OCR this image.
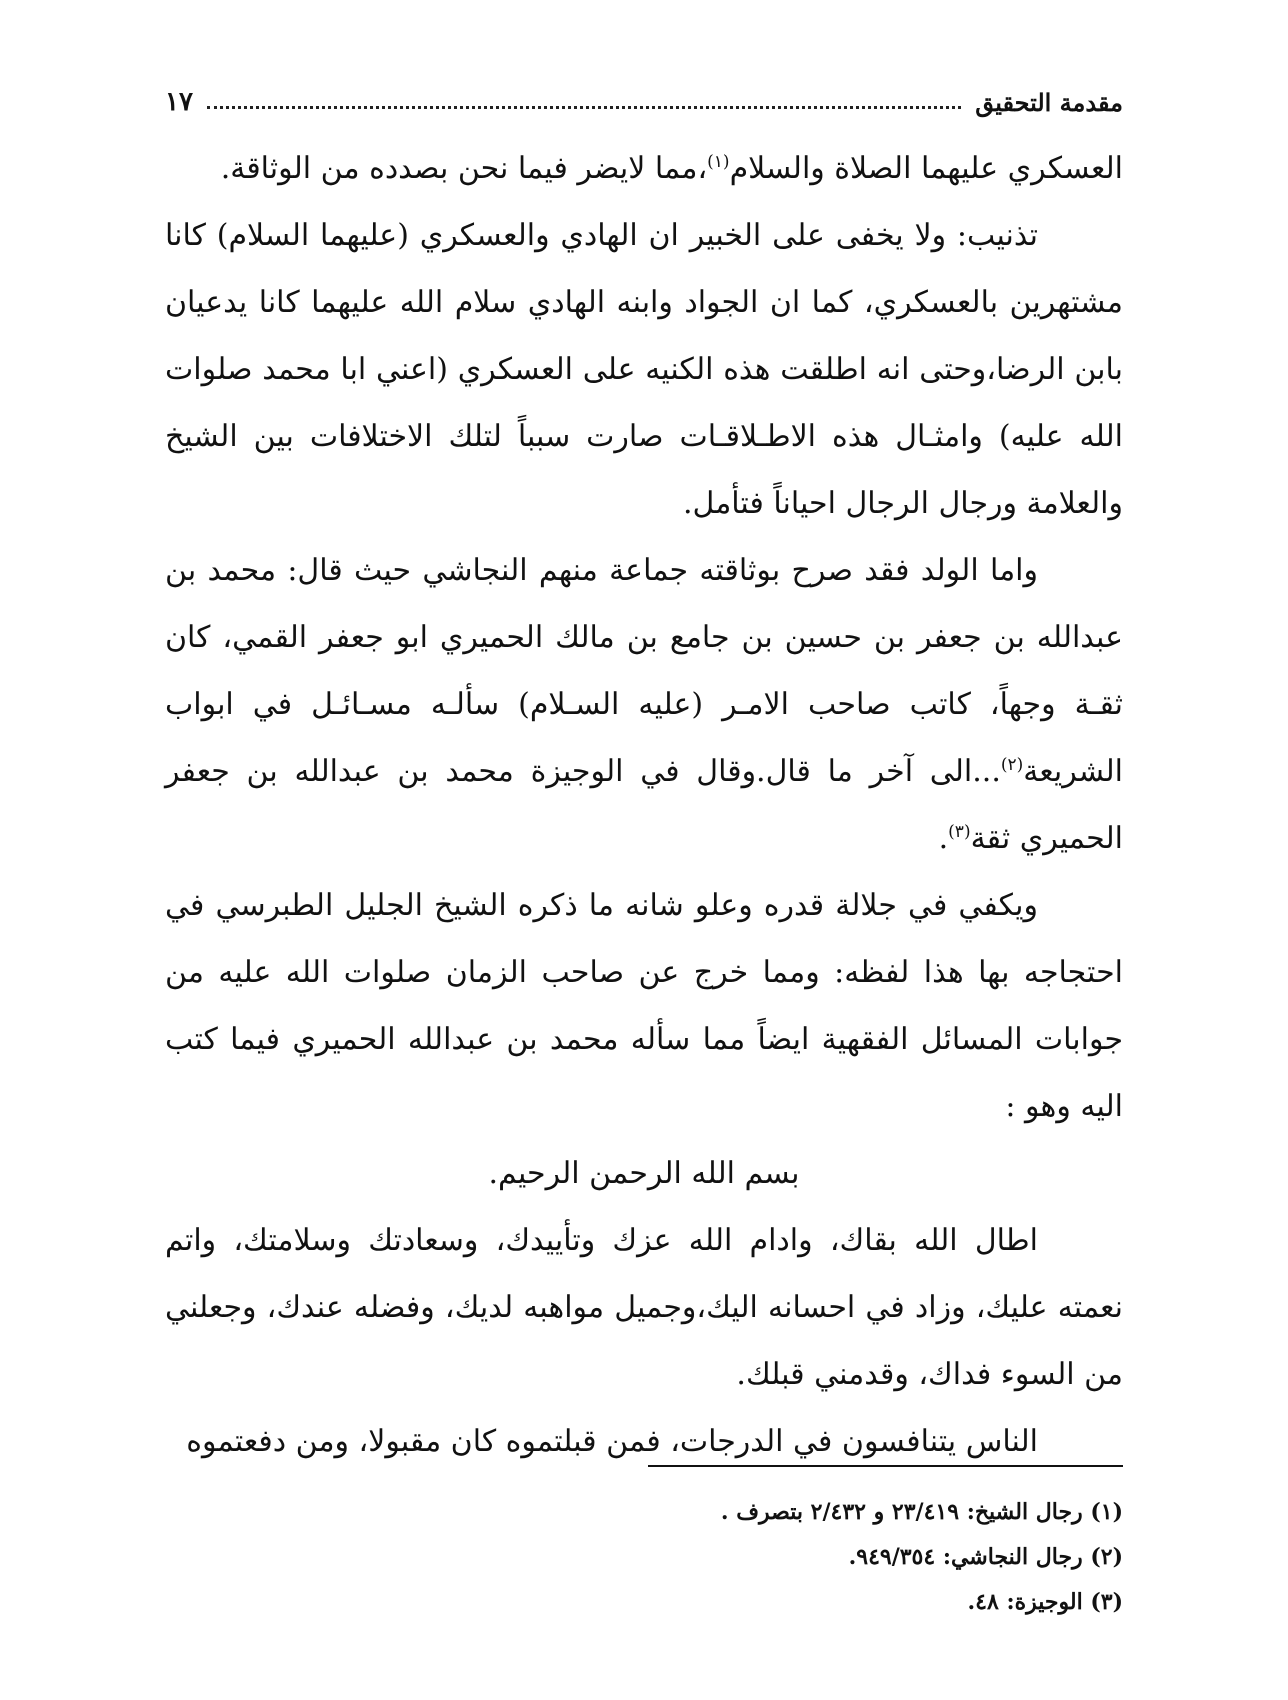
مقدمة التحقيق
١٧

العسكري عليهما الصلاة والسلام$^{(١)}$،مما لايضر فيما نحن بصدده من الوثاقة.

تذنيب: ولا يخفى على الخبير ان الهادي والعسكري (عليهما السلام) كانا مشتهرين بالعسكري، كما ان الجواد وابنه الهادي سلام الله عليهما كانا يدعيان بابن الرضا،وحتى انه اطلقت هذه الكنيه على العسكري (اعني ابا محمد صلوات الله عليه) وامثـال هذه الاطـلاقـات صارت سبباً لتلك الاختلافات بين الشيخ والعلامة ورجال الرجال احياناً فتأمل.

واما الولد فقد صرح بوثاقته جماعة منهم النجاشي حيث قال: محمد بن عبدالله بن جعفر بن حسين بن جامع بن مالك الحميري ابو جعفر القمي، كان ثقـة وجهاً، كاتب صاحب الامـر (عليه السـلام) سألـه مسـائـل في ابواب الشريعة$^{(٢)}$...الى آخر ما قال.وقال في الوجيزة محمد بن عبدالله بن جعفر الحميري ثقة$^{(٣)}$.

ويكفي في جلالة قدره وعلو شانه ما ذكره الشيخ الجليل الطبرسي في احتجاجه بها هذا لفظه: ومما خرج عن صاحب الزمان صلوات الله عليه من جوابات المسائل الفقهية ايضاً مما سأله محمد بن عبدالله الحميري فيما كتب اليه وهو :

بسم الله الرحمن الرحيم.

اطال الله بقاك، وادام الله عزك وتأييدك، وسعادتك وسلامتك، واتم نعمته عليك، وزاد في احسانه اليك،وجميل مواهبه لديك، وفضله عندك، وجعلني من السوء فداك، وقدمني قبلك.

الناس يتنافسون في الدرجات، فمن قبلتموه كان مقبولا، ومن دفعتموه

(١) رجال الشيخ: ٢٣/٤١٩ و ٢/٤٣٢ بتصرف .

(٢) رجال النجاشي: ٩٤٩/٣٥٤.

(٣) الوجيزة: ٤٨.
